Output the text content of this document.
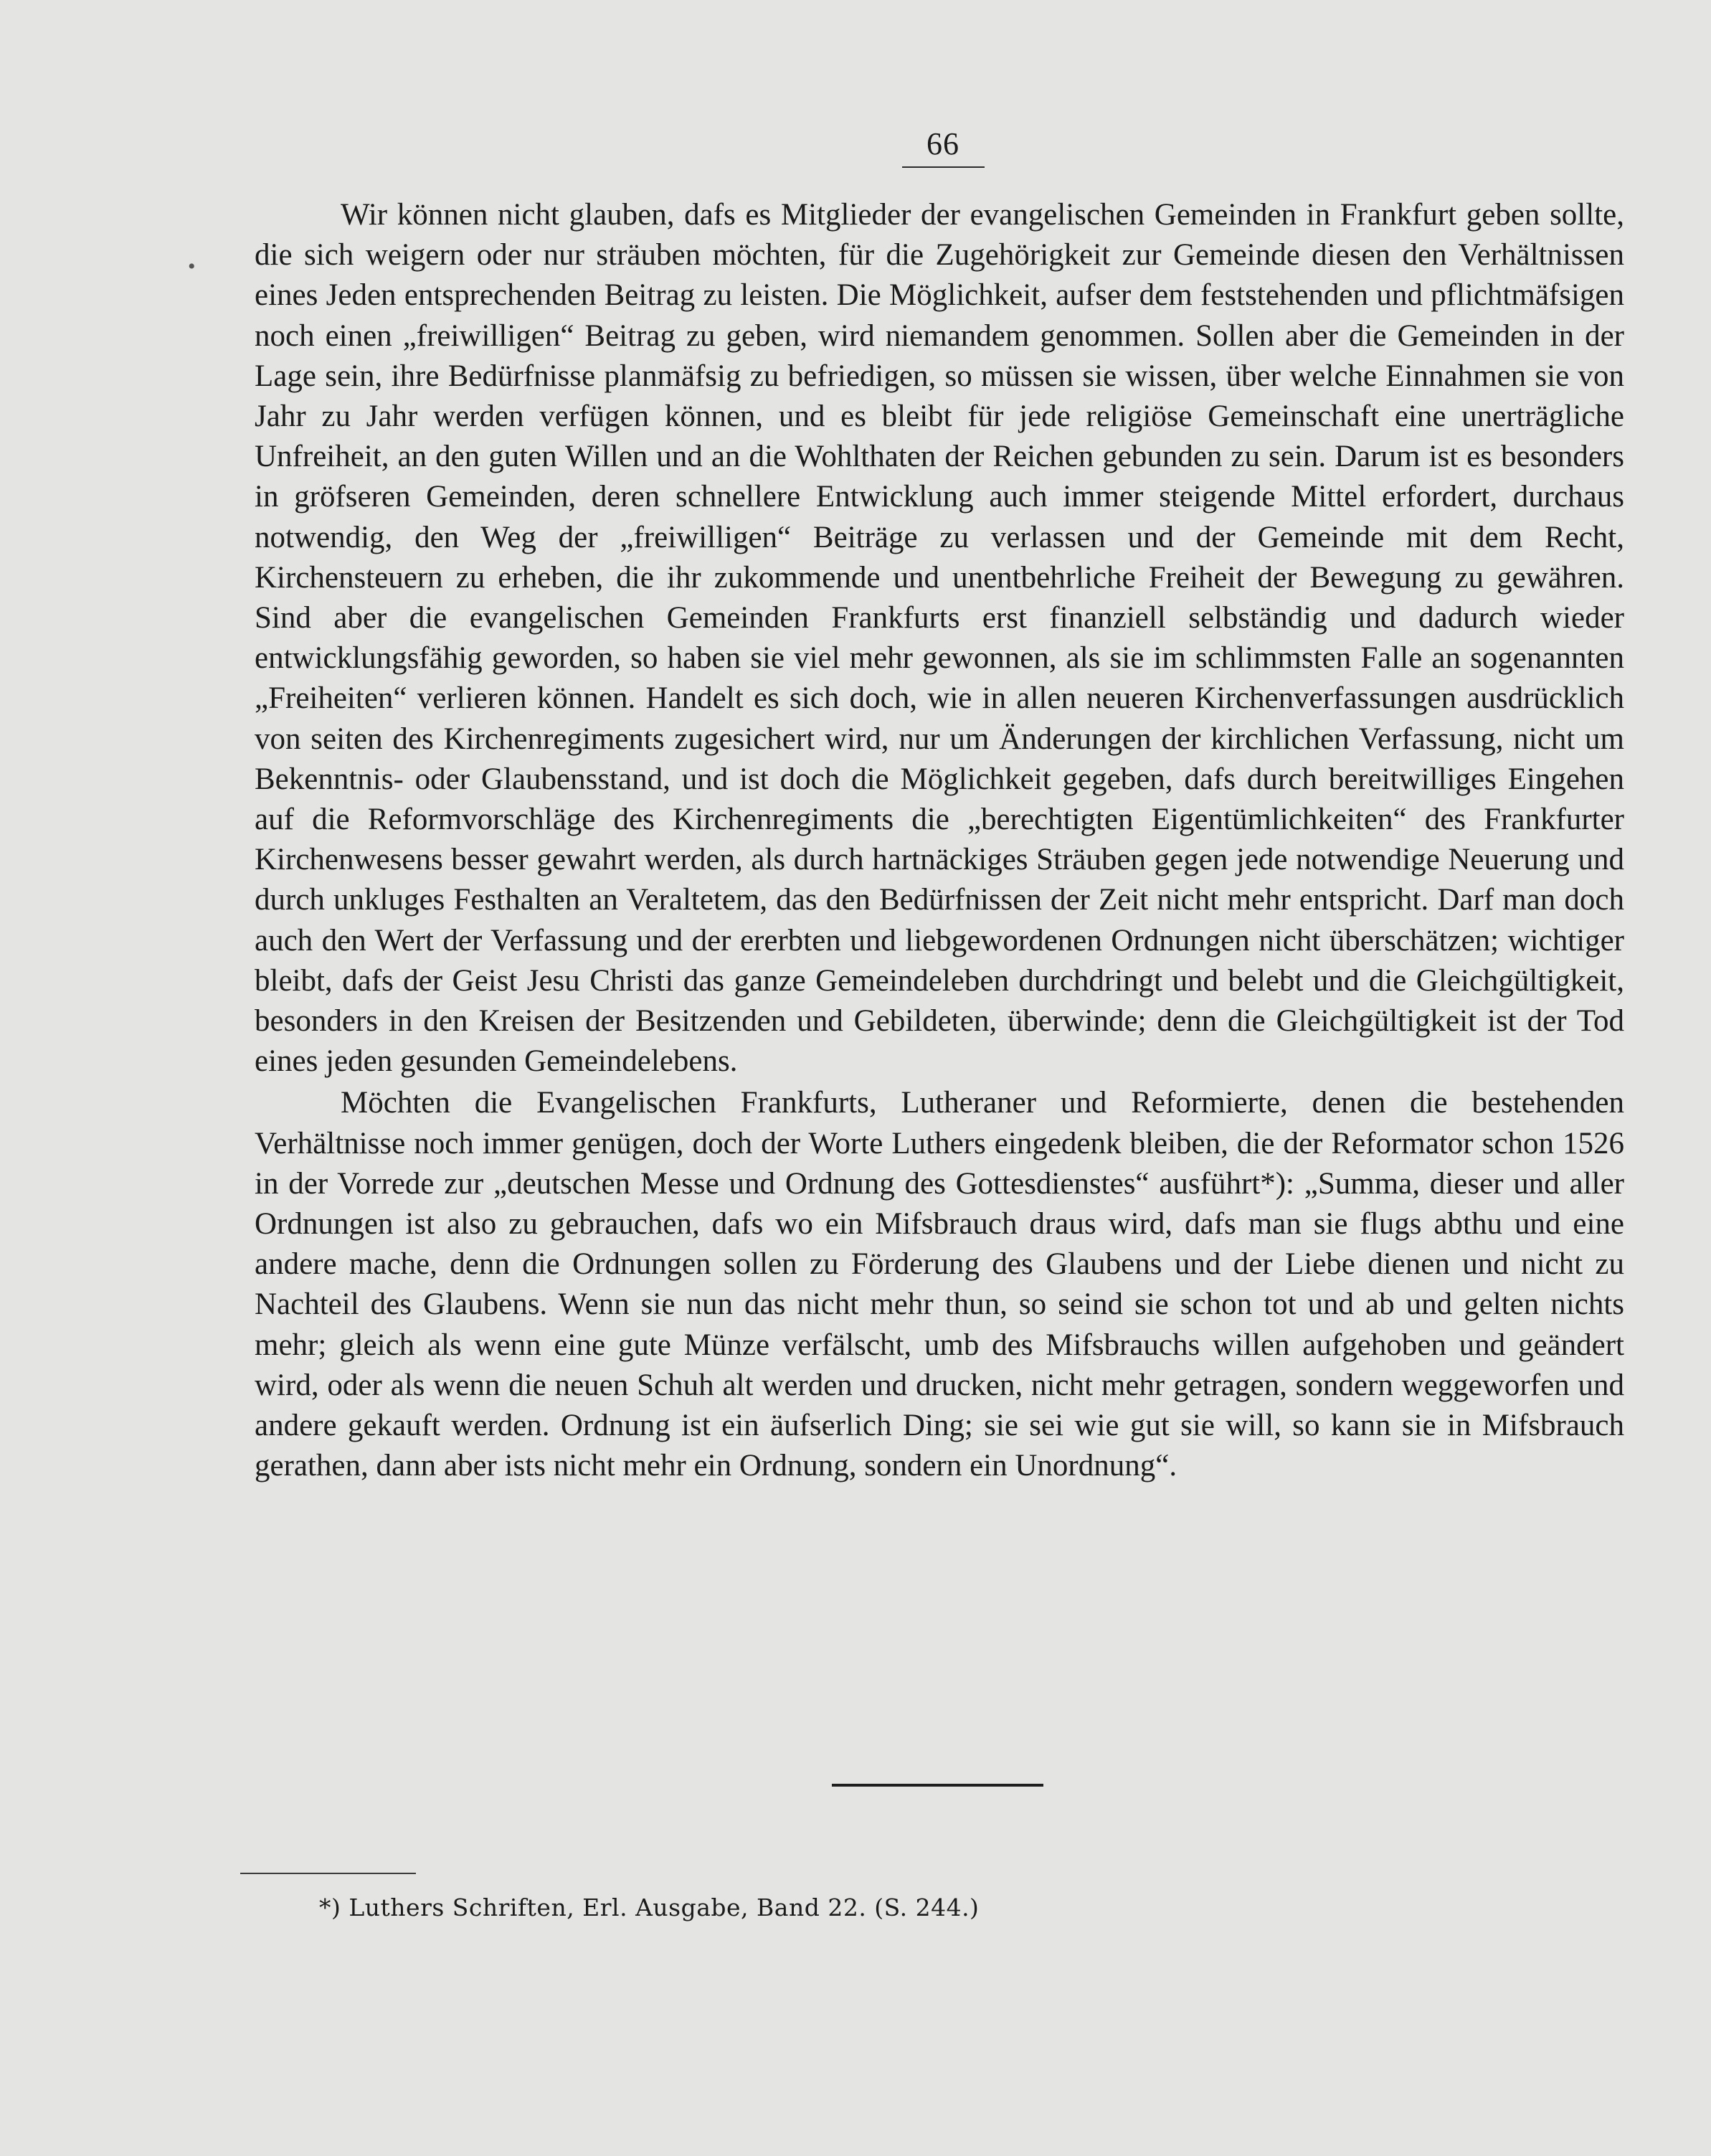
66
•

Wir können nicht glauben, dafs es Mitglieder der evangelischen Gemeinden in Frankfurt geben sollte, die sich weigern oder nur sträuben möchten, für die Zugehörigkeit zur Gemeinde diesen den Verhältnissen eines Jeden entsprechenden Beitrag zu leisten. Die Möglichkeit, aufser dem feststehenden und pflichtmäfsigen noch einen „freiwilligen“ Beitrag zu geben, wird niemandem genommen. Sollen aber die Gemeinden in der Lage sein, ihre Bedürfnisse planmäfsig zu befriedigen, so müssen sie wissen, über welche Einnahmen sie von Jahr zu Jahr werden verfügen können, und es bleibt für jede religiöse Gemeinschaft eine unerträgliche Unfreiheit, an den guten Willen und an die Wohlthaten der Reichen gebunden zu sein. Darum ist es besonders in gröfseren Gemeinden, deren schnellere Entwicklung auch immer steigende Mittel erfordert, durchaus notwendig, den Weg der „freiwilligen“ Beiträge zu verlassen und der Gemeinde mit dem Recht, Kirchensteuern zu erheben, die ihr zukommende und unentbehrliche Freiheit der Bewegung zu gewähren. Sind aber die evangelischen Gemeinden Frankfurts erst finanziell selbständig und dadurch wieder entwicklungsfähig geworden, so haben sie viel mehr gewonnen, als sie im schlimmsten Falle an sogenannten „Freiheiten“ verlieren können. Handelt es sich doch, wie in allen neueren Kirchenverfassungen ausdrücklich von seiten des Kirchenregiments zugesichert wird, nur um Änderungen der kirchlichen Verfassung, nicht um Bekenntnis- oder Glaubensstand, und ist doch die Möglichkeit gegeben, dafs durch bereitwilliges Eingehen auf die Reformvorschläge des Kirchenregiments die „berechtigten Eigentümlichkeiten“ des Frankfurter Kirchenwesens besser gewahrt werden, als durch hartnäckiges Sträuben gegen jede notwendige Neuerung und durch unkluges Festhalten an Veraltetem, das den Bedürfnissen der Zeit nicht mehr entspricht. Darf man doch auch den Wert der Verfassung und der ererbten und liebgewordenen Ordnungen nicht überschätzen; wichtiger bleibt, dafs der Geist Jesu Christi das ganze Gemeindeleben durchdringt und belebt und die Gleichgültigkeit, besonders in den Kreisen der Besitzenden und Gebildeten, überwinde; denn die Gleichgültigkeit ist der Tod eines jeden gesunden Gemeindelebens.

Möchten die Evangelischen Frankfurts, Lutheraner und Reformierte, denen die bestehenden Verhältnisse noch immer genügen, doch der Worte Luthers eingedenk bleiben, die der Reformator schon 1526 in der Vorrede zur „deutschen Messe und Ordnung des Gottesdienstes“ ausführt*): „Summa, dieser und aller Ordnungen ist also zu gebrauchen, dafs wo ein Mifsbrauch draus wird, dafs man sie flugs abthu und eine andere mache, denn die Ordnungen sollen zu Förderung des Glaubens und der Liebe dienen und nicht zu Nachteil des Glaubens. Wenn sie nun das nicht mehr thun, so seind sie schon tot und ab und gelten nichts mehr; gleich als wenn eine gute Münze verfälscht, umb des Mifsbrauchs willen aufgehoben und geändert wird, oder als wenn die neuen Schuh alt werden und drucken, nicht mehr getragen, sondern weggeworfen und andere gekauft werden. Ordnung ist ein äufserlich Ding; sie sei wie gut sie will, so kann sie in Mifsbrauch gerathen, dann aber ists nicht mehr ein Ordnung, sondern ein Unordnung“.

*) Luthers Schriften, Erl. Ausgabe, Band 22. (S. 244.)
